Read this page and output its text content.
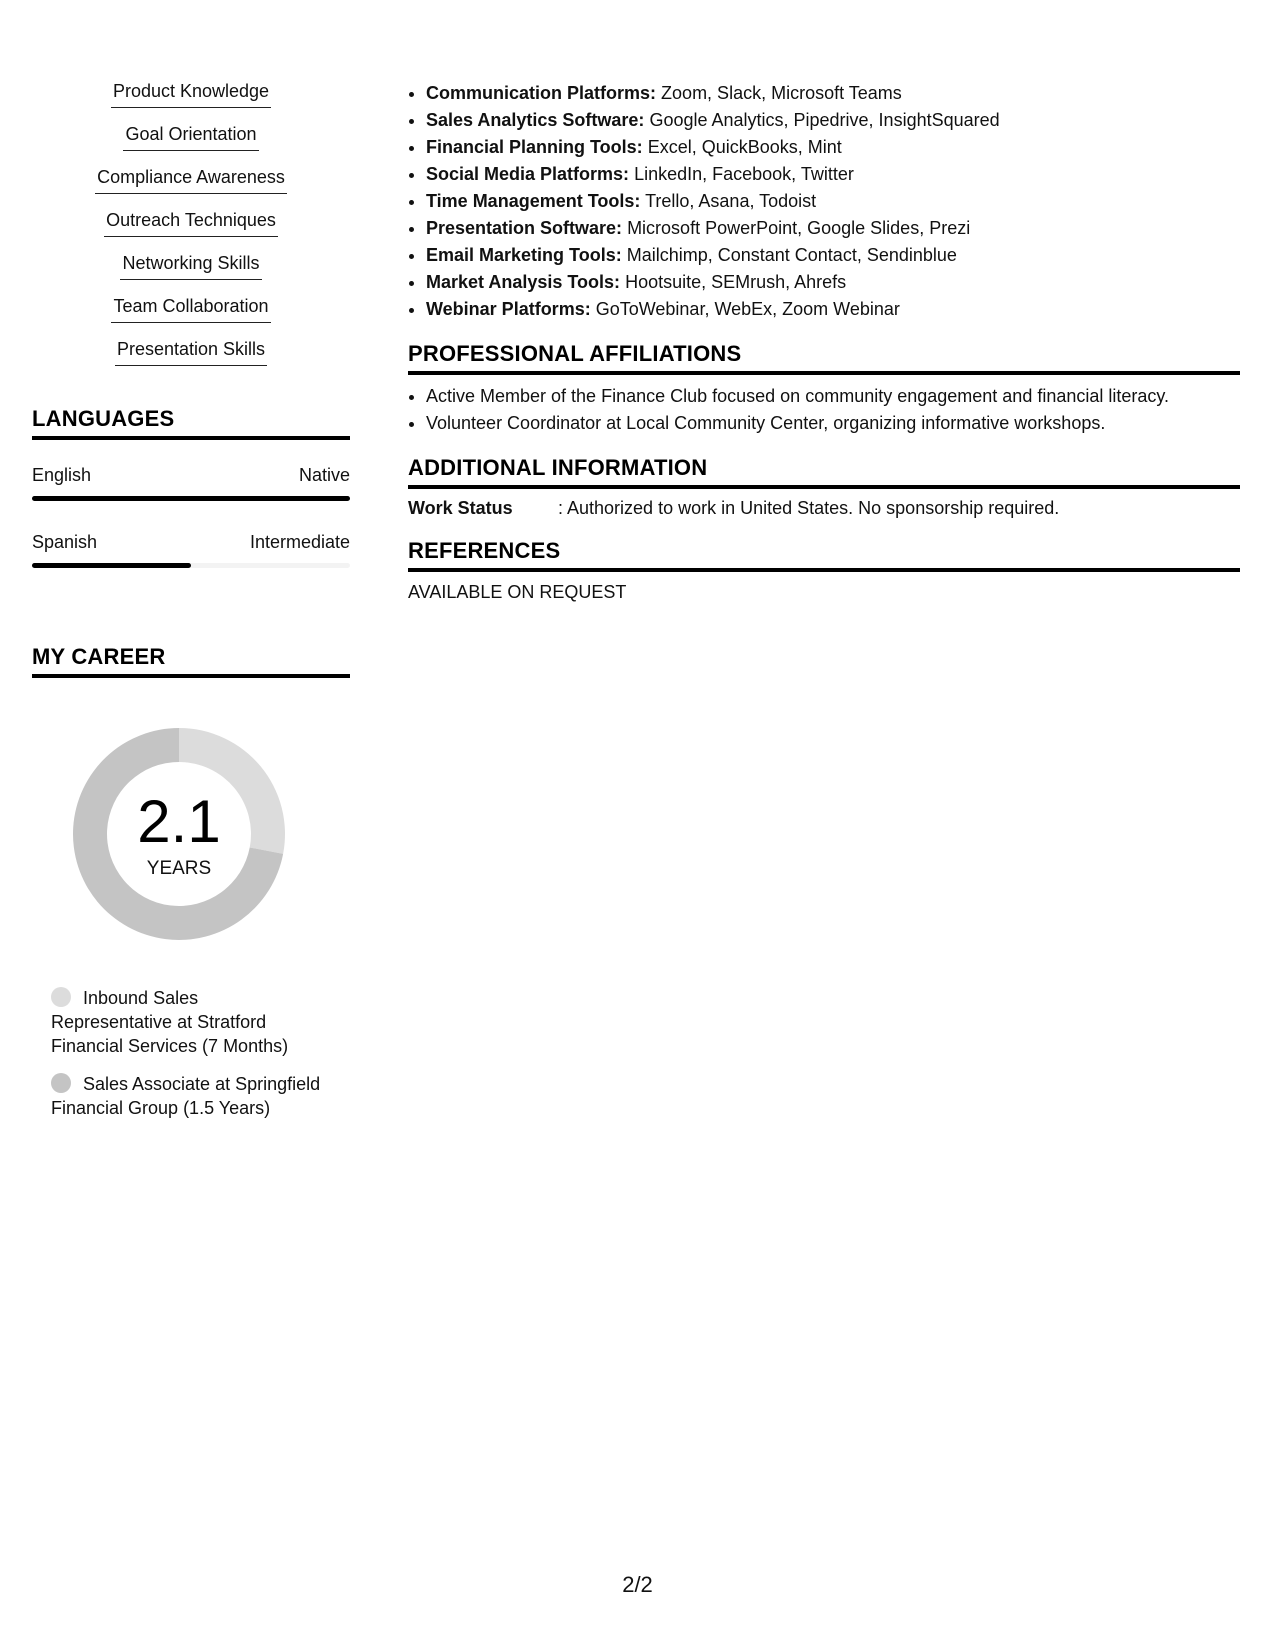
Product Knowledge
Goal Orientation
Compliance Awareness
Outreach Techniques
Networking Skills
Team Collaboration
Presentation Skills
LANGUAGES
English	Native
Spanish	Intermediate
MY CAREER
2.1
YEARS
Inbound Sales Representative at Stratford Financial Services (7 Months)
Sales Associate at Springfield Financial Group (1.5 Years)
• Communication Platforms: Zoom, Slack, Microsoft Teams
• Sales Analytics Software: Google Analytics, Pipedrive, InsightSquared
• Financial Planning Tools: Excel, QuickBooks, Mint
• Social Media Platforms: LinkedIn, Facebook, Twitter
• Time Management Tools: Trello, Asana, Todoist
• Presentation Software: Microsoft PowerPoint, Google Slides, Prezi
• Email Marketing Tools: Mailchimp, Constant Contact, Sendinblue
• Market Analysis Tools: Hootsuite, SEMrush, Ahrefs
• Webinar Platforms: GoToWebinar, WebEx, Zoom Webinar
PROFESSIONAL AFFILIATIONS
• Active Member of the Finance Club focused on community engagement and financial literacy.
• Volunteer Coordinator at Local Community Center, organizing informative workshops.
ADDITIONAL INFORMATION
Work Status	: Authorized to work in United States. No sponsorship required.
REFERENCES
AVAILABLE ON REQUEST
2/2
